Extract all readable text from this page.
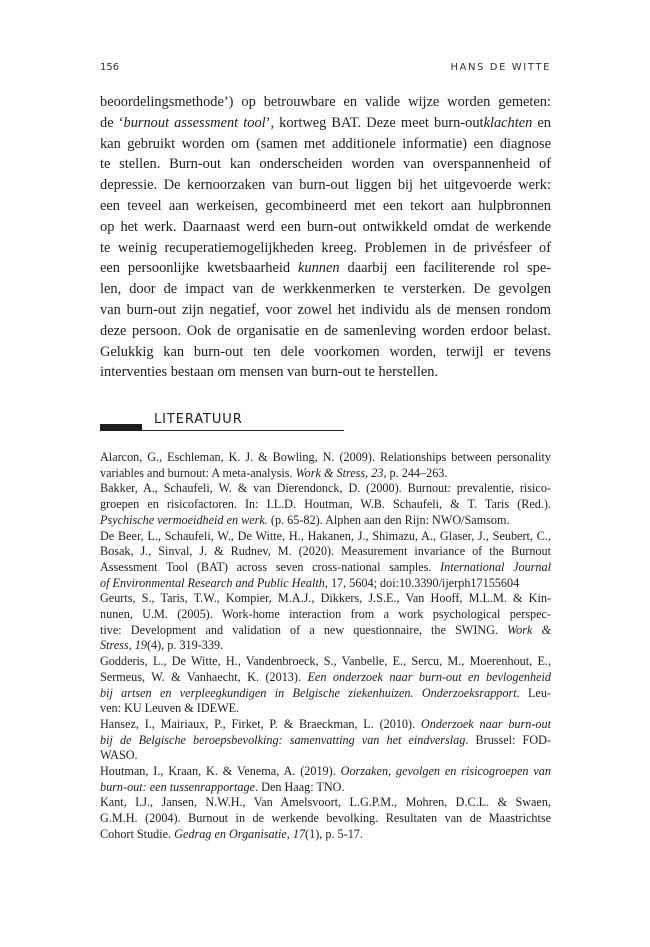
156	HANS DE WITTE
beoordelingsmethode’) op betrouwbare en valide wijze worden gemeten:
de ‘burnout assessment tool’, kortweg BAT. Deze meet burn-outklachten en
kan gebruikt worden om (samen met additionele informatie) een diagnose
te stellen. Burn-out kan onderscheiden worden van overspannenheid of
depressie. De kernoorzaken van burn-out liggen bij het uitgevoerde werk:
een teveel aan werkeisen, gecombineerd met een tekort aan hulpbronnen
op het werk. Daarnaast werd een burn-out ontwikkeld omdat de werkende
te weinig recuperatiemogelijkheden kreeg. Problemen in de privésfeer of
een persoonlijke kwetsbaarheid kunnen daarbij een faciliterende rol spe-
len, door de impact van de werkkenmerken te versterken. De gevolgen
van burn-out zijn negatief, voor zowel het individu als de mensen rondom
deze persoon. Ook de organisatie en de samenleving worden erdoor belast.
Gelukkig kan burn-out ten dele voorkomen worden, terwijl er tevens
interventies bestaan om mensen van burn-out te herstellen.
LITERATUUR
Alarcon, G., Eschleman, K. J. & Bowling, N. (2009). Relationships between personality
variables and burnout: A meta-analysis. Work & Stress, 23, p. 244–263.
Bakker, A., Schaufeli, W. & van Dierendonck, D. (2000). Burnout: prevalentie, risico-
groepen en risicofactoren. In: I.L.D. Houtman, W.B. Schaufeli, & T. Taris (Red.).
Psychische vermoeidheid en werk. (p. 65-82). Alphen aan den Rijn: NWO/Samsom.
De Beer, L., Schaufeli, W., De Witte, H., Hakanen, J., Shimazu, A., Glaser, J., Seubert, C.,
Bosak, J., Sinval, J. & Rudnev, M. (2020). Measurement invariance of the Burnout
Assessment Tool (BAT) across seven cross-national samples. International Journal
of Environmental Research and Public Health, 17, 5604; doi:10.3390/ijerph17155604
Geurts, S., Taris, T.W., Kompier, M.A.J., Dikkers, J.S.E., Van Hooff, M.L.M. & Kin-
nunen, U.M. (2005). Work-home interaction from a work psychological perspec-
tive: Development and validation of a new questionnaire, the SWING. Work &
Stress, 19(4), p. 319-339.
Godderis, L., De Witte, H., Vandenbroeck, S., Vanbelle, E., Sercu, M., Moerenhout, E.,
Sermeus, W. & Vanhaecht, K. (2013). Een onderzoek naar burn-out en bevlogenheid
bij artsen en verpleegkundigen in Belgische ziekenhuizen. Onderzoeksrapport. Leu-
ven: KU Leuven & IDEWE.
Hansez, I., Mairiaux, P., Firket, P. & Braeckman, L. (2010). Onderzoek naar burn-out
bij de Belgische beroepsbevolking: samenvatting van het eindverslag. Brussel: FOD-
WASO.
Houtman, I., Kraan, K. & Venema, A. (2019). Oorzaken, gevolgen en risicogroepen van
burn-out: een tussenrapportage. Den Haag: TNO.
Kant, I.J., Jansen, N.W.H., Van Amelsvoort, L.G.P.M., Mohren, D.C.L. & Swaen,
G.M.H. (2004). Burnout in de werkende bevolking. Resultaten van de Maastrichtse
Cohort Studie. Gedrag en Organisatie, 17(1), p. 5-17.
